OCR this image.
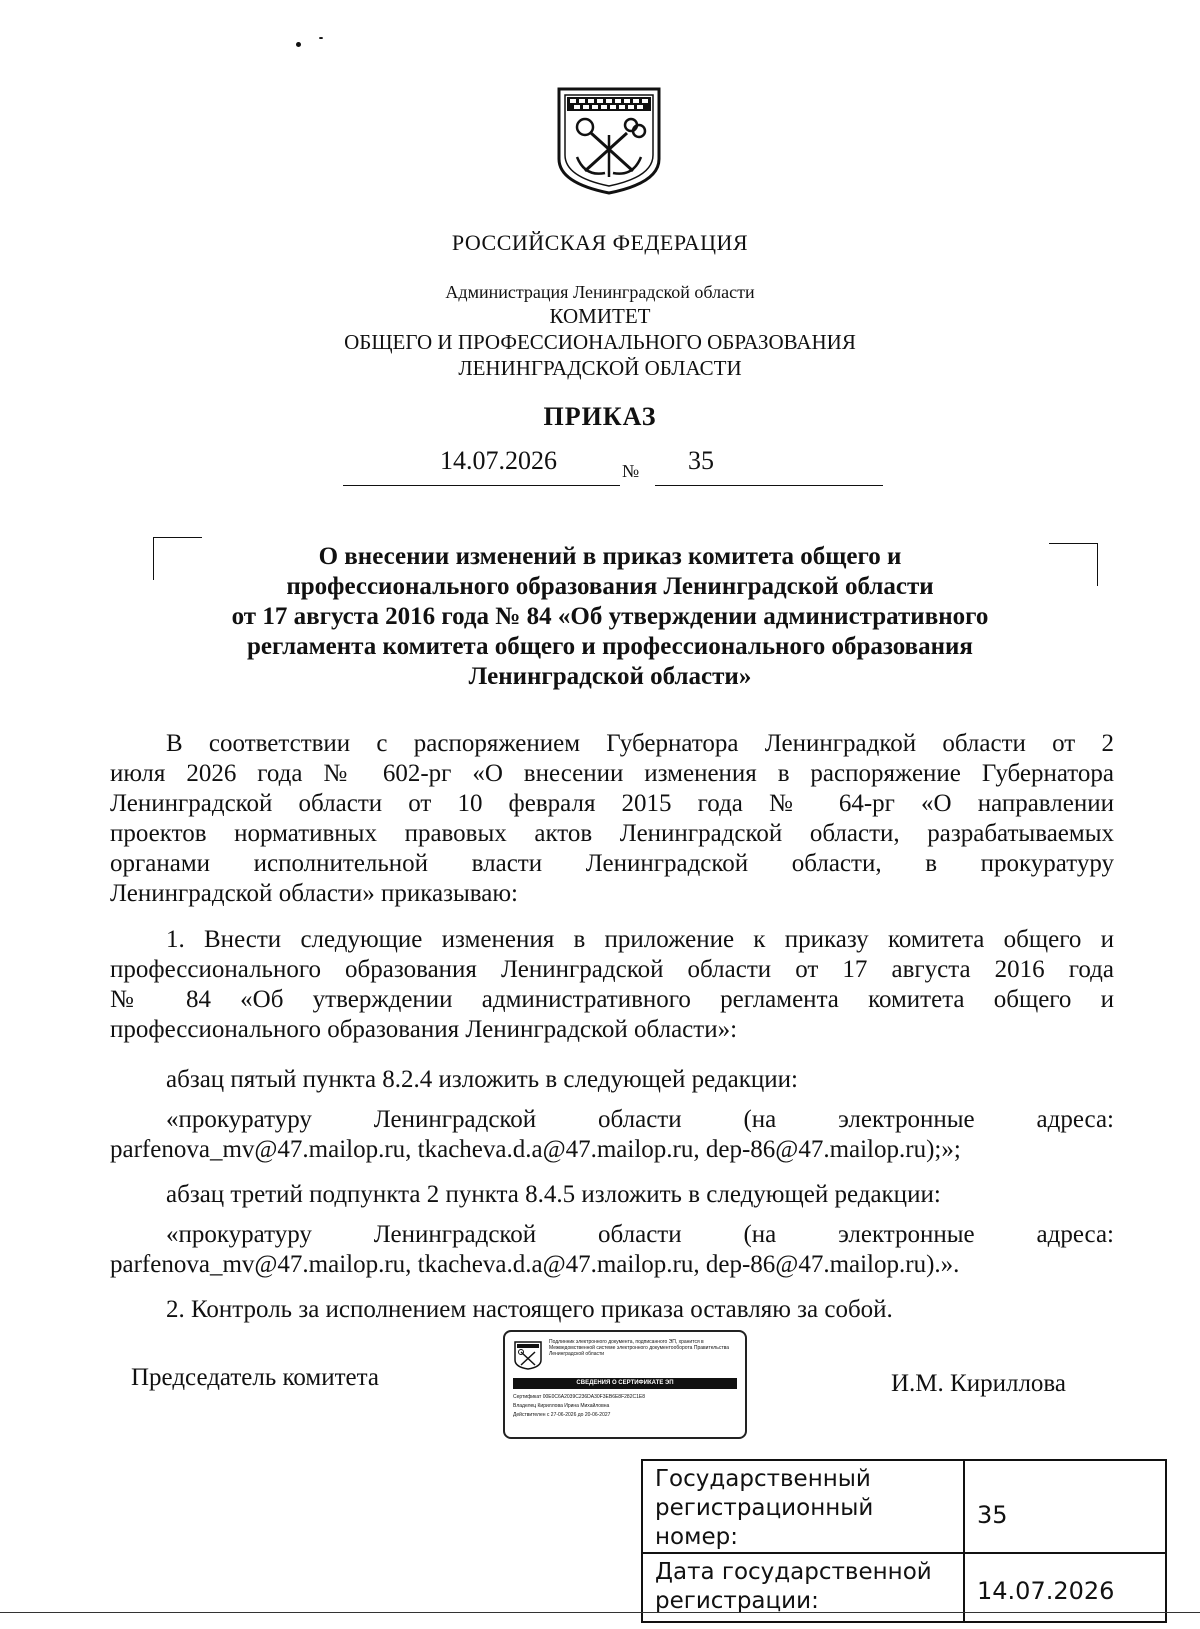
РОССИЙСКАЯ ФЕДЕРАЦИЯ
Администрация Ленинградской области
КОМИТЕТ
ОБЩЕГО И ПРОФЕССИОНАЛЬНОГО ОБРАЗОВАНИЯ
ЛЕНИНГРАДСКОЙ ОБЛАСТИ
ПРИКАЗ
14.07.2026	№ 35
О внесении изменений в приказ комитета общего и
профессионального образования Ленинградской области
от 17 августа 2016 года № 84 «Об утверждении административного
регламента комитета общего и профессионального образования
Ленинградской области»
В соответствии с распоряжением Губернатора Ленинградкой области от 2
июля 2026 года № 602-рг «О внесении изменения в распоряжение Губернатора
Ленинградской области от 10 февраля 2015 года № 64-рг «О направлении
проектов нормативных правовых актов Ленинградской области, разрабатываемых
органами исполнительной власти Ленинградской области, в прокуратуру
Ленинградской области» приказываю:
1. Внести следующие изменения в приложение к приказу комитета общего и
профессионального образования Ленинградской области от 17 августа 2016 года
№ 84 «Об утверждении административного регламента комитета общего и
профессионального образования Ленинградской области»:
абзац пятый пункта 8.2.4 изложить в следующей редакции:
«прокуратуру Ленинградской области (на электронные адреса:
parfenova_mv@47.mailop.ru, tkacheva.d.a@47.mailop.ru, dep-86@47.mailop.ru);»;
абзац третий подпункта 2 пункта 8.4.5 изложить в следующей редакции:
«прокуратуру Ленинградской области (на электронные адреса:
parfenova_mv@47.mailop.ru, tkacheva.d.a@47.mailop.ru, dep-86@47.mailop.ru).».
2. Контроль за исполнением настоящего приказа оставляю за собой.
Председатель комитета
Подлинник электронного документа, подписанного ЭП, хранится в Межведомственной системе электронного документооборота Правительства Ленинградской области
СВЕДЕНИЯ О СЕРТИФИКАТЕ ЭП
Сертификат 00E0C6A2039C236DA30F3EB6E8F282C1E8
Владелец Кириллова Ирина Михайловна
Действителен с 27-06-2026 до 20-06-2027
И.М. Кириллова
Государственный
регистрационный номер:	35

Дата государственной
регистрации:	14.07.2026
